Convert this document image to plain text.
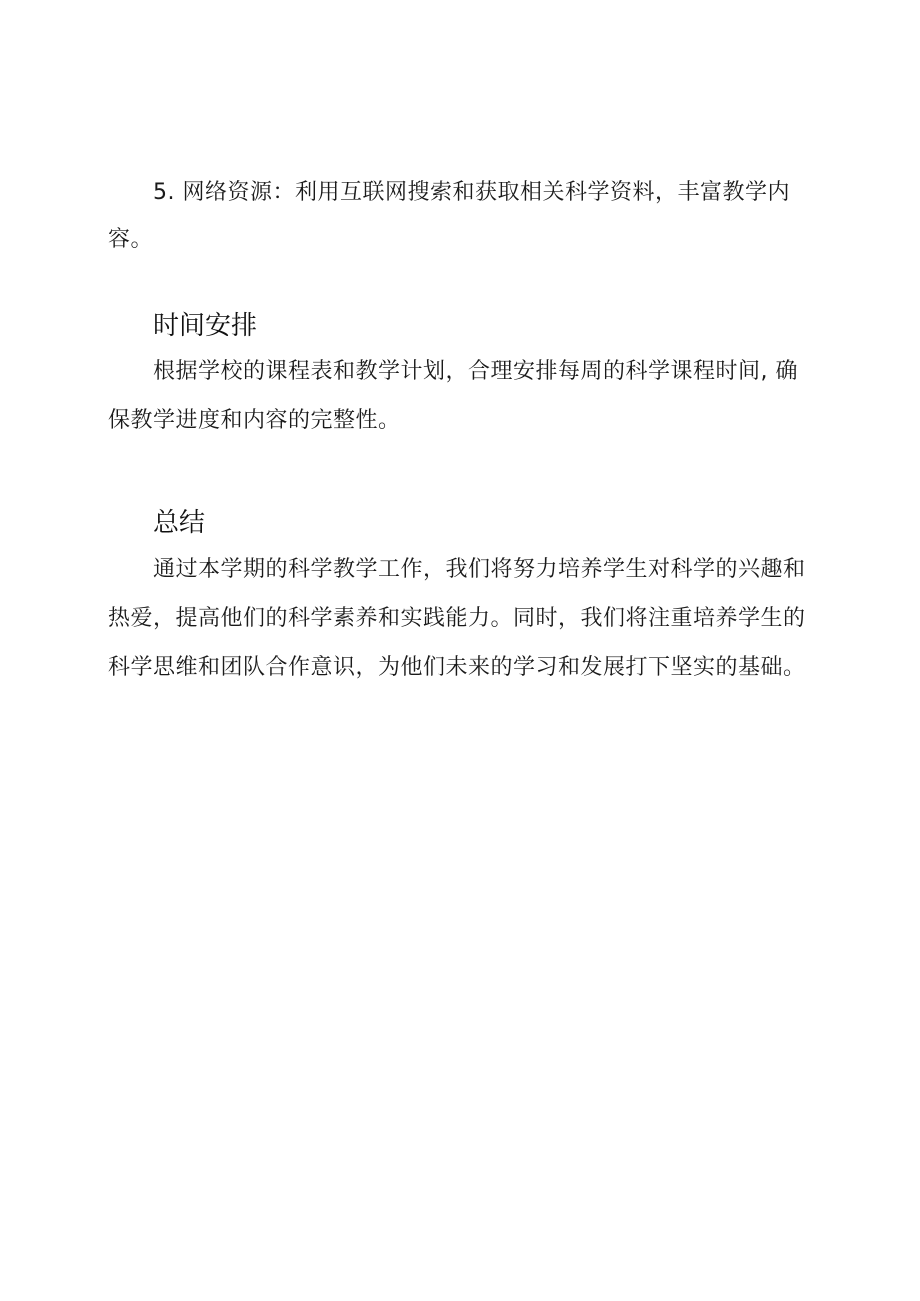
5. 网络资源：利用互联网搜索和获取相关科学资料，丰富教学内
容。
时间安排
根据学校的课程表和教学计划，合理安排每周的科学课程时间, 确
保教学进度和内容的完整性。
总结
通过本学期的科学教学工作，我们将努力培养学生对科学的兴趣和
热爱，提高他们的科学素养和实践能力。同时，我们将注重培养学生的
科学思维和团队合作意识，为他们未来的学习和发展打下坚实的基础。
